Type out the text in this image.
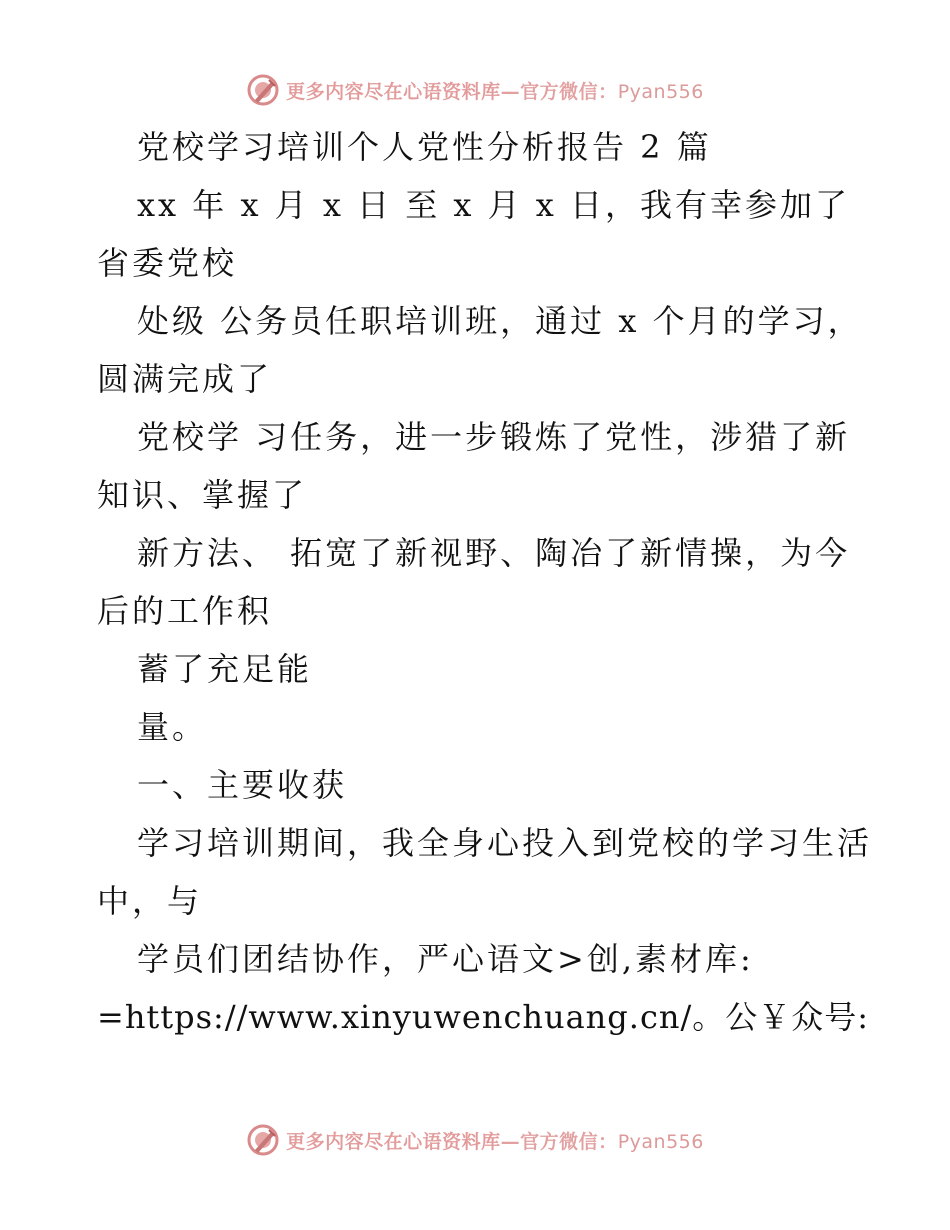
更多内容尽在心语资料库—官方微信：Pyan556
党校学习培训个人党性分析报告 2 篇
xx 年 x 月 x 日 至 x 月 x 日，我有幸参加了
省委党校
处级 公务员任职培训班，通过 x 个月的学习，
圆满完成了
党校学 习任务，进一步锻炼了党性，涉猎了新
知识、掌握了
新方法、 拓宽了新视野、陶冶了新情操，为今
后的工作积
蓄了充足能
量。
一、主要收获
学习培训期间，我全身心投入到党校的学习生活
中，与
学员们团结协作，严心语文>创,素材库:
=https://www.xinyuwenchuang.cn/。公￥众号:
更多内容尽在心语资料库—官方微信：Pyan556
